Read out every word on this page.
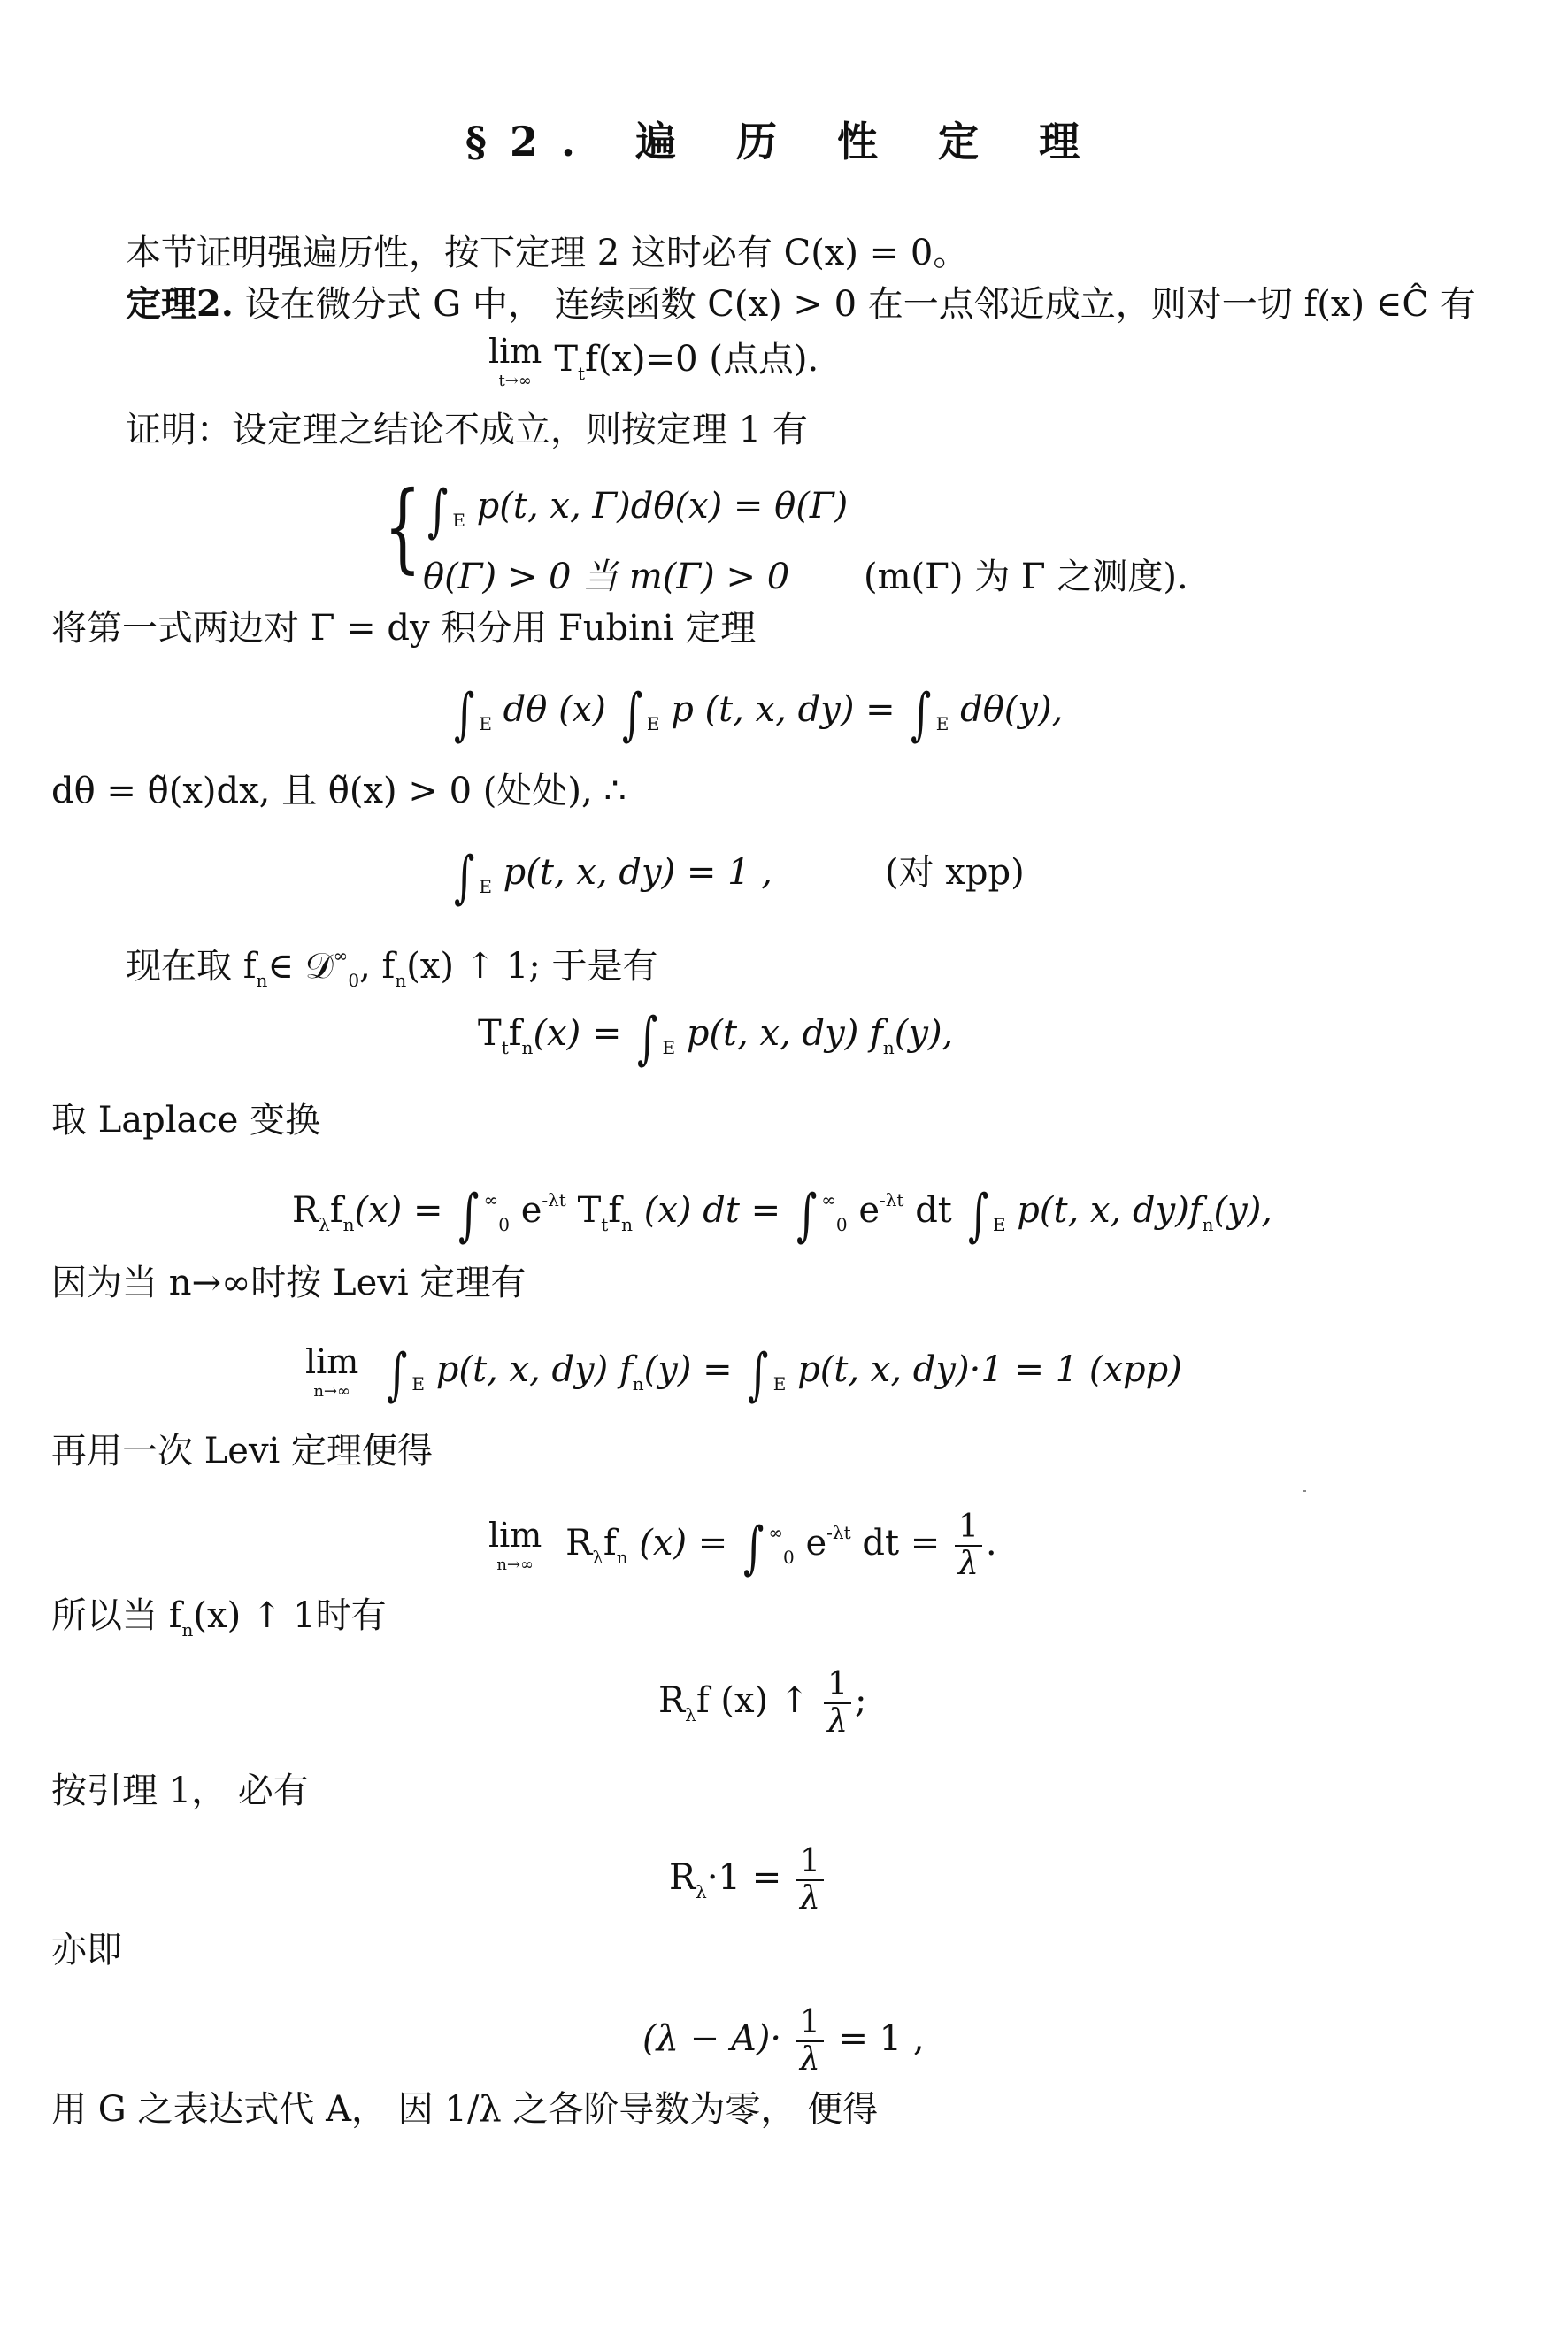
§2. 遍 历 性 定 理
本节证明强遍历性，按下定理 2 这时必有 C(x) = 0。
定理2. 设在微分式 G 中， 连续函数 C(x) > 0 在一点邻近成立，则对一切 f(x) ∈Ĉ 有
lim
t→∞
$T_tf(x)=0$ (点点).
证明：设定理之结论不成立，则按定理 1 有
{ ∫ $_E$ p(t, x, Γ)dθ(x) = θ(Γ)
θ(Γ) > 0 当 m(Γ) > 0 (m(Γ) 为 Γ 之测度).
将第一式两边对 Γ = dy 积分用 Fubini 定理
∫ $_E$ dθ (x) ∫ $_E$ p (t, x, dy) = ∫ $_E$ dθ(y),
dθ = θ̃(x)dx, 且 θ̃(x) > 0 (处处), ∴
∫ $_E$ p(t, x, dy) = 1 ,	(对 xpp)
现在取 $f_n\in$ 𝒟∞$_0$, $f_n(x)$ ↑ 1; 于是有
$T_tf_n(x)$ = ∫ $_E$ p(t, x, dy) $f_n(y)$,
取 Laplace 变换
$R_\lambda f_n(x)$ = ∫ ∞$_0$ $e^{-\lambda t}$ $T_tf_n$ (x) dt = ∫ ∞$_0$ $e^{-\lambda t}$ dt ∫ $_E$ p(t, x, $dy)f_n(y)$,
因为当 n→∞时按 Levi 定理有
lim
n→∞ ∫ $_E$ p(t, x, dy) $f_n(y)$ = ∫ $_E$ p(t, x, dy)·1 = 1 (xpp)
再用一次 Levi 定理便得
lim
n→∞
$R_\lambda f_n$ (x) = ∫ ∞$_0$ $e^{-\lambda t}$ dt = $\frac{1}{\lambda}$ .
所以当 $f_n(x)$ ↑ 1时有
$R_\lambda f$ (x) ↑ $\frac{1}{\lambda}$ ;
按引理 1， 必有
$R_\lambda\cdot 1 = \frac{1}{\lambda}$
亦即
$(\lambda - A)\cdot \frac{1}{\lambda} = 1$ ,
用 G 之表达式代 A， 因 1/λ 之各阶导数为零， 便得
